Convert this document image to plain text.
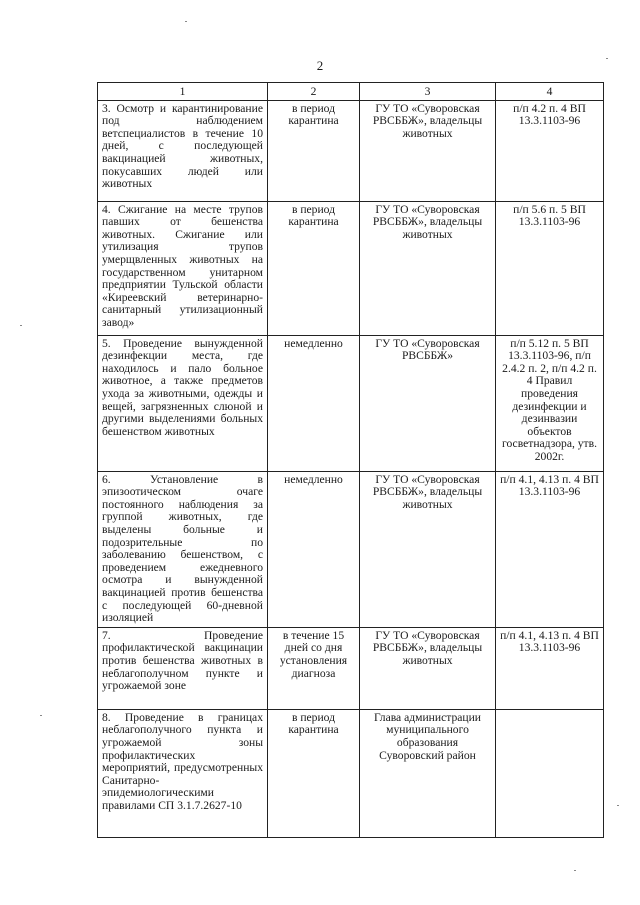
2
1	2	3	4
3. Осмотр и карантинирование под наблюдением ветспециалистов в течение 10 дней, с последующей вакцинацией животных, покусавших людей или животных	в период карантина	ГУ ТО «Суворовская РВСББЖ», владельцы животных	п/п 4.2 п. 4 ВП 13.3.1103-96
4. Сжигание на месте трупов павших от бешенства животных. Сжигание или утилизация трупов умерщвленных животных на государственном унитарном предприятии Тульской области «Киреевский ветеринарно-санитарный утилизационный завод»	в период карантина	ГУ ТО «Суворовская РВСББЖ», владельцы животных	п/п 5.6 п. 5 ВП 13.3.1103-96
5. Проведение вынужденной дезинфекции места, где находилось и пало больное животное, а также предметов ухода за животными, одежды и вещей, загрязненных слюной и другими выделениями больных бешенством животных	немедленно	ГУ ТО «Суворовская РВСББЖ»	п/п 5.12 п. 5 ВП 13.3.1103-96, п/п 2.4.2 п. 2, п/п 4.2 п. 4 Правил проведения дезинфекции и дезинвазии объектов госветнадзора, утв. 2002г.
6. Установление в эпизоотическом очаге постоянного наблюдения за группой животных, где выделены больные и подозрительные по заболеванию бешенством, с проведением ежедневного осмотра и вынужденной вакцинацией против бешенства с последующей 60-дневной изоляцией	немедленно	ГУ ТО «Суворовская РВСББЖ», владельцы животных	п/п 4.1, 4.13 п. 4 ВП 13.3.1103-96
7. Проведение профилактической вакцинации против бешенства животных в неблагополучном пункте и угрожаемой зоне	в течение 15 дней со дня установления диагноза	ГУ ТО «Суворовская РВСББЖ», владельцы животных	п/п 4.1, 4.13 п. 4 ВП 13.3.1103-96
8. Проведение в границах неблагополучного пункта и угрожаемой зоны профилактических мероприятий, предусмотренных Санитарно-эпидемиологическими правилами СП 3.1.7.2627-10	в период карантина	Глава администрации муниципального образования Суворовский район	
